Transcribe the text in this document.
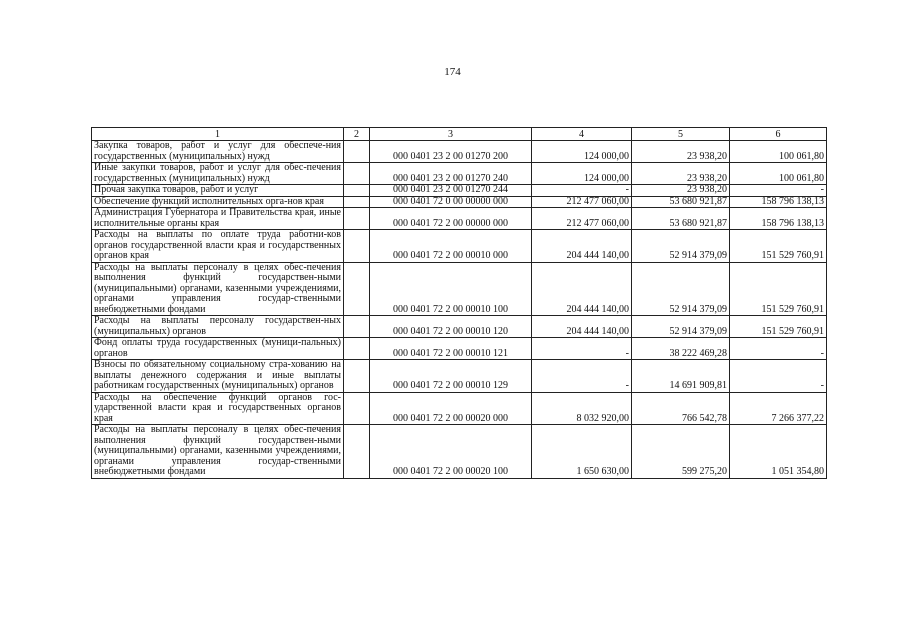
174
1	2	3	4	5	6
Закупка товаров, работ и услуг для обеспече-ния государственных (муниципальных) нужд		000 0401 23 2 00 01270 200	124 000,00	23 938,20	100 061,80
Иные закупки товаров, работ и услуг для обес-печения государственных (муниципальных) нужд		000 0401 23 2 00 01270 240	124 000,00	23 938,20	100 061,80
Прочая закупка товаров, работ и услуг		000 0401 23 2 00 01270 244	-	23 938,20	-
Обеспечение функций исполнительных орга-нов края		000 0401 72 0 00 00000 000	212 477 060,00	53 680 921,87	158 796 138,13
Администрация Губернатора и Правительства края, иные исполнительные органы края		000 0401 72 2 00 00000 000	212 477 060,00	53 680 921,87	158 796 138,13
Расходы на выплаты по оплате труда работни-ков органов государственной власти края и государственных органов края		000 0401 72 2 00 00010 000	204 444 140,00	52 914 379,09	151 529 760,91
Расходы на выплаты персоналу в целях обес-печения выполнения функций государствен-ными (муниципальными) органами, казенными учреждениями, органами управления государ-ственными внебюджетными фондами		000 0401 72 2 00 00010 100	204 444 140,00	52 914 379,09	151 529 760,91
Расходы на выплаты персоналу государствен-ных (муниципальных) органов		000 0401 72 2 00 00010 120	204 444 140,00	52 914 379,09	151 529 760,91
Фонд оплаты труда государственных (муници-пальных) органов		000 0401 72 2 00 00010 121	-	38 222 469,28	-
Взносы по обязательному социальному стра-хованию на выплаты денежного содержания и иные выплаты работникам государственных (муниципальных) органов		000 0401 72 2 00 00010 129	-	14 691 909,81	-
Расходы на обеспечение функций органов гос-ударственной власти края и государственных органов края		000 0401 72 2 00 00020 000	8 032 920,00	766 542,78	7 266 377,22
Расходы на выплаты персоналу в целях обес-печения выполнения функций государствен-ными (муниципальными) органами, казенными учреждениями, органами управления государ-ственными внебюджетными фондами		000 0401 72 2 00 00020 100	1 650 630,00	599 275,20	1 051 354,80
